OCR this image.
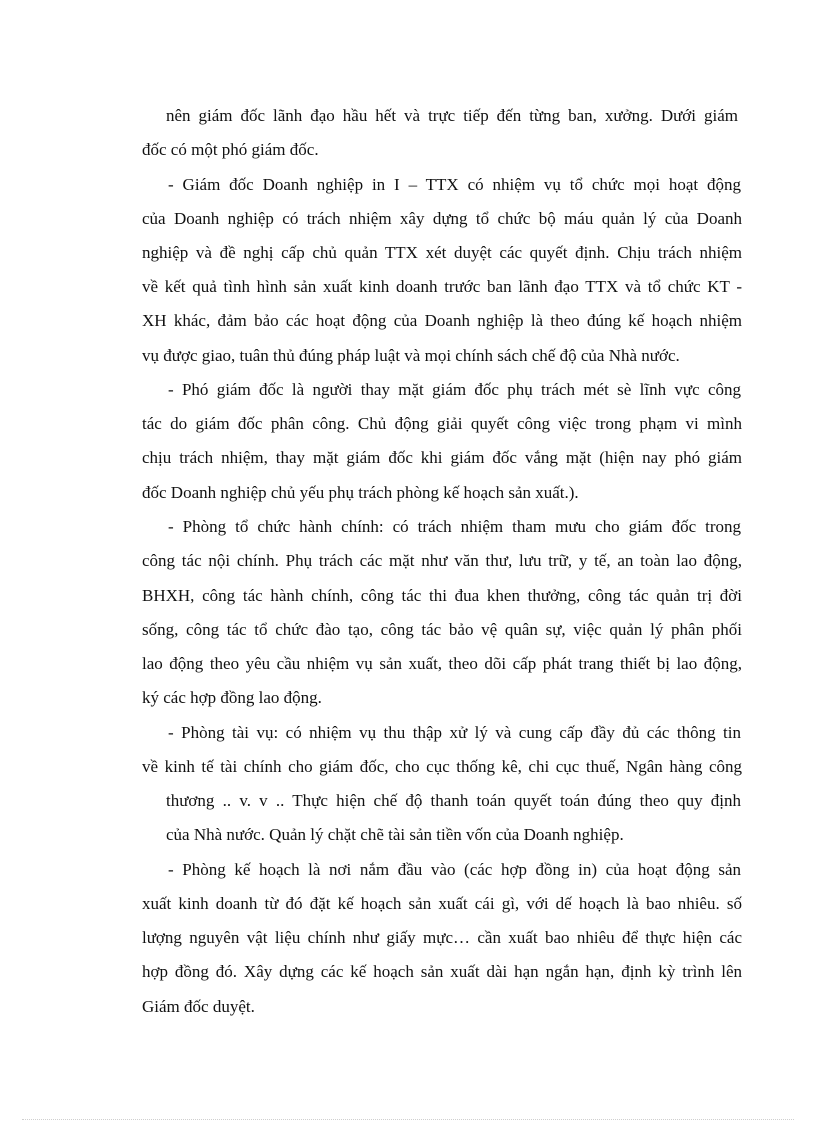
nên giám đốc lãnh đạo hầu hết và trực tiếp đến từng ban, xưởng. Dưới giám
đốc có một phó giám đốc.
- Giám đốc Doanh nghiệp in I – TTX có nhiệm vụ tổ chức mọi hoạt động
của Doanh nghiệp có trách nhiệm xây dựng tổ chức bộ máu quản lý của Doanh
nghiệp và đề nghị cấp chủ quản TTX xét duyệt các quyết định. Chịu trách nhiệm
về kết quả tình hình sản xuất kinh doanh trước ban lãnh đạo TTX và tổ chức KT -
XH khác, đảm bảo các hoạt động của Doanh nghiệp là theo đúng kế hoạch nhiệm
vụ được giao, tuân thủ đúng pháp luật và mọi chính sách chế độ của Nhà nước.
- Phó giám đốc là người thay mặt giám đốc phụ trách mét sè lĩnh vực công
tác do giám đốc phân công. Chủ động giải quyết công việc trong phạm vi mình
chịu trách nhiệm, thay mặt giám đốc khi giám đốc vắng mặt (hiện nay phó giám
đốc Doanh nghiệp chủ yếu phụ trách phòng kế hoạch sản xuất.).
- Phòng tổ chức hành chính: có trách nhiệm tham mưu cho giám đốc trong
công tác nội chính. Phụ trách các mặt như văn thư, lưu trữ, y tế, an toàn lao động,
BHXH, công tác hành chính, công tác thi đua khen thưởng, công tác quản trị đời
sống, công tác tổ chức đào tạo, công tác bảo vệ quân sự, việc quản lý phân phối
lao động theo yêu cầu nhiệm vụ sản xuất, theo dõi cấp phát trang thiết bị lao động,
ký các hợp đồng lao động.
- Phòng tài vụ: có nhiệm vụ thu thập xử lý và cung cấp đầy đủ các thông tin
về kinh tế tài chính cho giám đốc, cho cục thống kê, chi cục thuế, Ngân hàng công
thương .. v. v .. Thực hiện chế độ thanh toán quyết toán đúng theo quy định
của Nhà nước. Quản lý chặt chẽ tài sản tiền vốn của Doanh nghiệp.
- Phòng kế hoạch là nơi nắm đầu vào (các hợp đồng in) của hoạt động sản
xuất kinh doanh từ đó đặt kế hoạch sản xuất cái gì, với dế hoạch là bao nhiêu. số
lượng nguyên vật liệu chính như giấy mực… cần xuất bao nhiêu để thực hiện các
hợp đồng đó. Xây dựng các kế hoạch sản xuất dài hạn ngắn hạn, định kỳ trình lên
Giám đốc duyệt.
